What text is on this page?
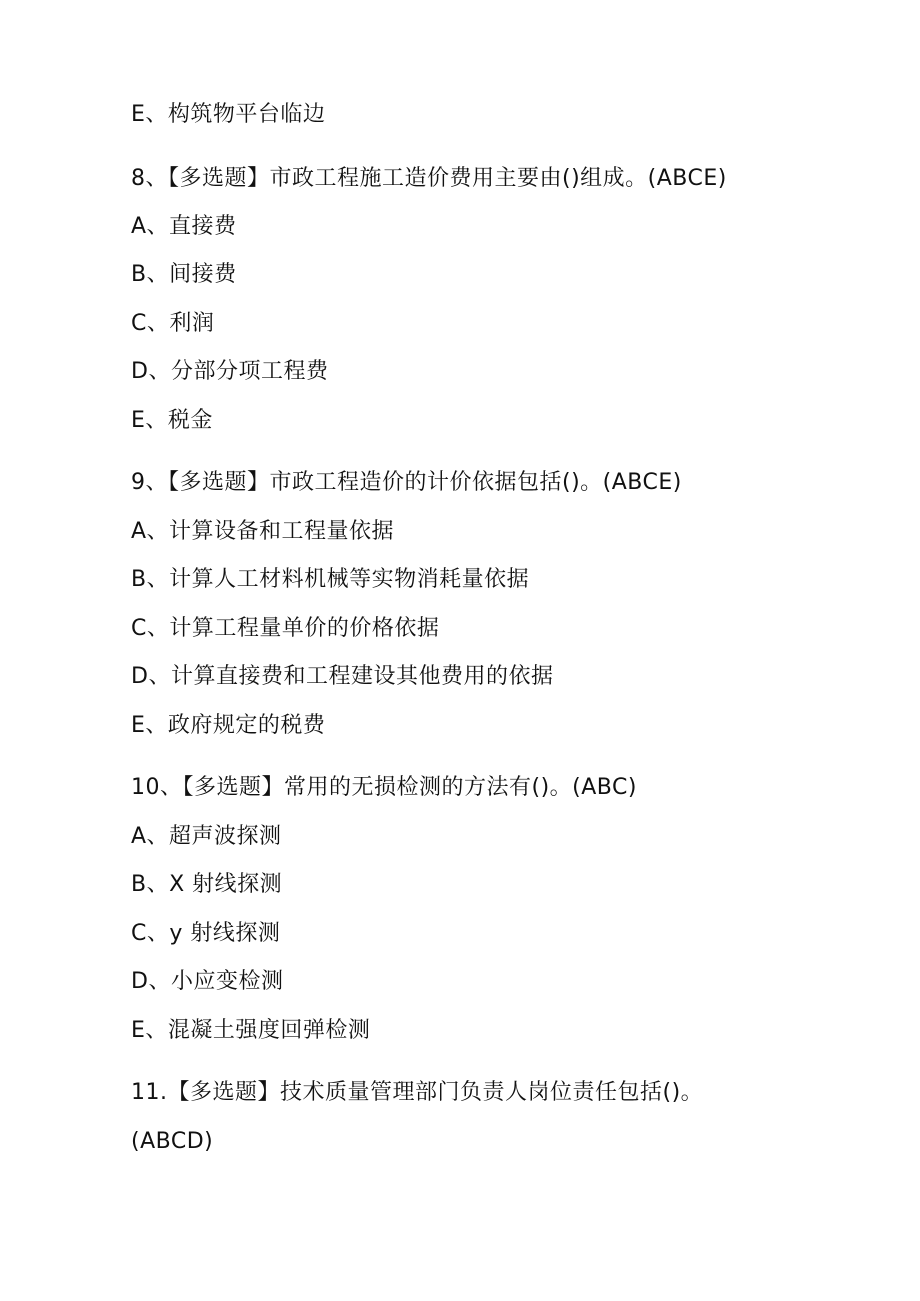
E、构筑物平台临边
8、【多选题】市政工程施工造价费用主要由()组成。(ABCE)
A、直接费
B、间接费
C、利润
D、分部分项工程费
E、税金
9、【多选题】市政工程造价的计价依据包括()。(ABCE)
A、计算设备和工程量依据
B、计算人工材料机械等实物消耗量依据
C、计算工程量单价的价格依据
D、计算直接费和工程建设其他费用的依据
E、政府规定的税费
10、【多选题】常用的无损检测的方法有()。(ABC)
A、超声波探测
B、X 射线探测
C、y 射线探测
D、小应变检测
E、混凝土强度回弹检测
11.【多选题】技术质量管理部门负责人岗位责任包括()。
(ABCD)
